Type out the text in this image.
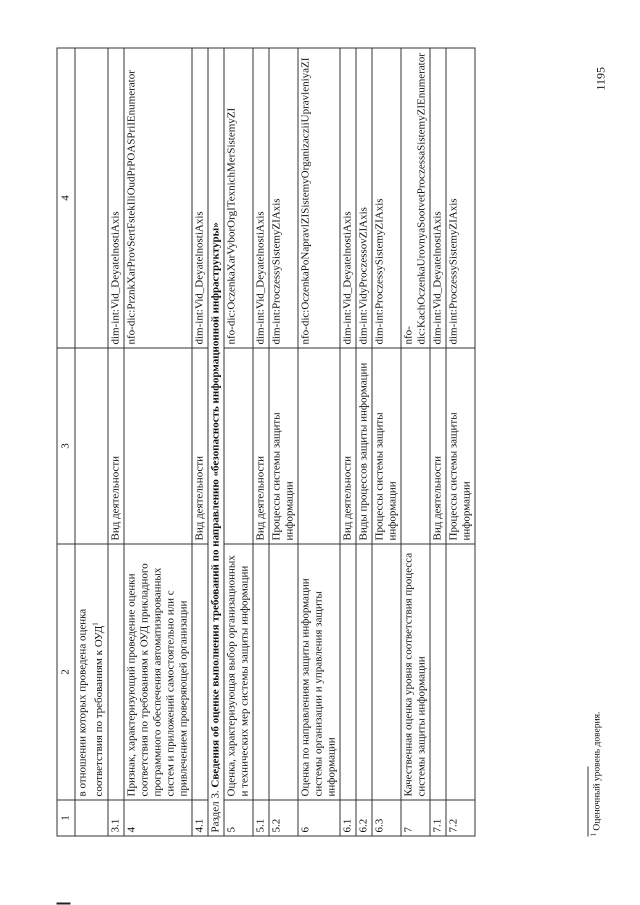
1	2	3	4
	в отношении которых проведена оценка соответствия по требованиям к ОУД$^1$		
3.1		Вид деятельности	dim-int:Vid_DeyatelnostiAxis
4	Признак, характеризующий проведение оценки соответствия по требованиям к ОУД прикладного программного обеспечения автоматизированных систем и приложений самостоятельно или с привлечением проверяющей организации		nfo-dic:PrznkXarProvSertFstekIliOudPrPOASPriIEnumerator
4.1		Вид деятельности	dim-int:Vid_DeyatelnostiAxis
Раздел 3. Сведения об оценке выполнения требований по направлению «безопасность информационной инфраструктуры»			
5	Оценка, характеризующая выбор организационных и технических мер системы защиты информации		nfo-dic:OczenkaXarVyborOrgITexnichMerSistemyZI
5.1		Вид деятельности	dim-int:Vid_DeyatelnostiAxis
5.2		Процессы системы защиты информации	dim-int:ProczessySistemyZIAxis
6	Оценка по направлениям защиты информации системы организации и управления защиты информации		nfo-dic:OczenkaPoNapravlZISistemyOrganizacziiUpravleniyaZI
6.1		Вид деятельности	dim-int:Vid_DeyatelnostiAxis
6.2		Виды процессов защиты информации	dim-int:VidyProczessovZIAxis
6.3		Процессы системы защиты информации	dim-int:ProczessySistemyZIAxis
7	Качественная оценка уровня соответствия процесса системы защиты информации		nfo-dic:KachOczenkaUrovnyaSootvetProczessaSistemyZIEnumerator
7.1		Вид деятельности	dim-int:Vid_DeyatelnostiAxis
7.2		Процессы системы защиты информации	dim-int:ProczessySistemyZIAxis
$^1$ Оценочный уровень доверия.
1195
